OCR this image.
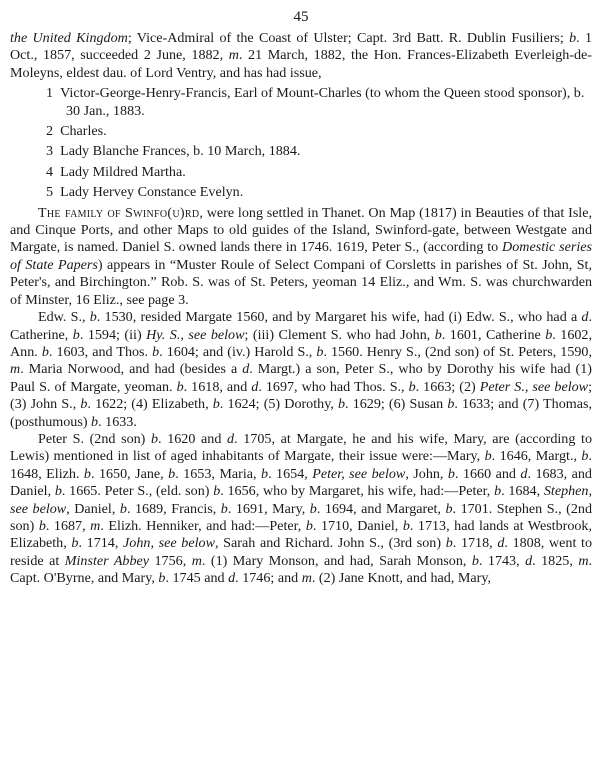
45

the United Kingdom; Vice-Admiral of the Coast of Ulster; Capt. 3rd Batt. R. Dublin Fusiliers; b. 1 Oct., 1857, succeeded 2 June, 1882, m. 21 March, 1882, the Hon. Frances-Elizabeth Everleigh-de-Moleyns, eldest dau. of Lord Ventry, and has had issue,

1 Victor-George-Henry-Francis, Earl of Mount-Charles (to whom the Queen stood sponsor), b. 30 Jan., 1883.
2 Charles.
3 Lady Blanche Frances, b. 10 March, 1884.
4 Lady Mildred Martha.
5 Lady Hervey Constance Evelyn.

The family of Swinfo(u)rd, were long settled in Thanet. On Map (1817) in Beauties of that Isle, and Cinque Ports, and other Maps to old guides of the Island, Swinford-gate, between Westgate and Margate, is named. Daniel S. owned lands there in 1746. 1619, Peter S., (according to Domestic series of State Papers) appears in “Muster Roule of Select Compani of Corsletts in parishes of St. John, St, Peter's, and Birchington.” Rob. S. was of St. Peters, yeoman 14 Eliz., and Wm. S. was churchwarden of Minster, 16 Eliz., see page 3.

Edw. S., b. 1530, resided Margate 1560, and by Margaret his wife, had (i) Edw. S., who had a d. Catherine, b. 1594; (ii) Hy. S., see below; (iii) Clement S. who had John, b. 1601, Catherine b. 1602, Ann. b. 1603, and Thos. b. 1604; and (iv.) Harold S., b. 1560. Henry S., (2nd son) of St. Peters, 1590, m. Maria Norwood, and had (besides a d. Margt.) a son, Peter S., who by Dorothy his wife had (1) Paul S. of Margate, yeoman. b. 1618, and d. 1697, who had Thos. S., b. 1663; (2) Peter S., see below; (3) John S., b. 1622; (4) Elizabeth, b. 1624; (5) Dorothy, b. 1629; (6) Susan b. 1633; and (7) Thomas, (posthumous) b. 1633.

Peter S. (2nd son) b. 1620 and d. 1705, at Margate, he and his wife, Mary, are (according to Lewis) mentioned in list of aged inhabitants of Margate, their issue were:—Mary, b. 1646, Margt., b. 1648, Elizh. b. 1650, Jane, b. 1653, Maria, b. 1654, Peter, see below, John, b. 1660 and d. 1683, and Daniel, b. 1665. Peter S., (eld. son) b. 1656, who by Margaret, his wife, had:—Peter, b. 1684, Stephen, see below, Daniel, b. 1689, Francis, b. 1691, Mary, b. 1694, and Margaret, b. 1701. Stephen S., (2nd son) b. 1687, m. Elizh. Henniker, and had:—Peter, b. 1710, Daniel, b. 1713, had lands at Westbrook, Elizabeth, b. 1714, John, see below, Sarah and Richard. John S., (3rd son) b. 1718, d. 1808, went to reside at Minster Abbey 1756, m. (1) Mary Monson, and had, Sarah Monson, b. 1743, d. 1825, m. Capt. O'Byrne, and Mary, b. 1745 and d. 1746; and m. (2) Jane Knott, and had, Mary,
